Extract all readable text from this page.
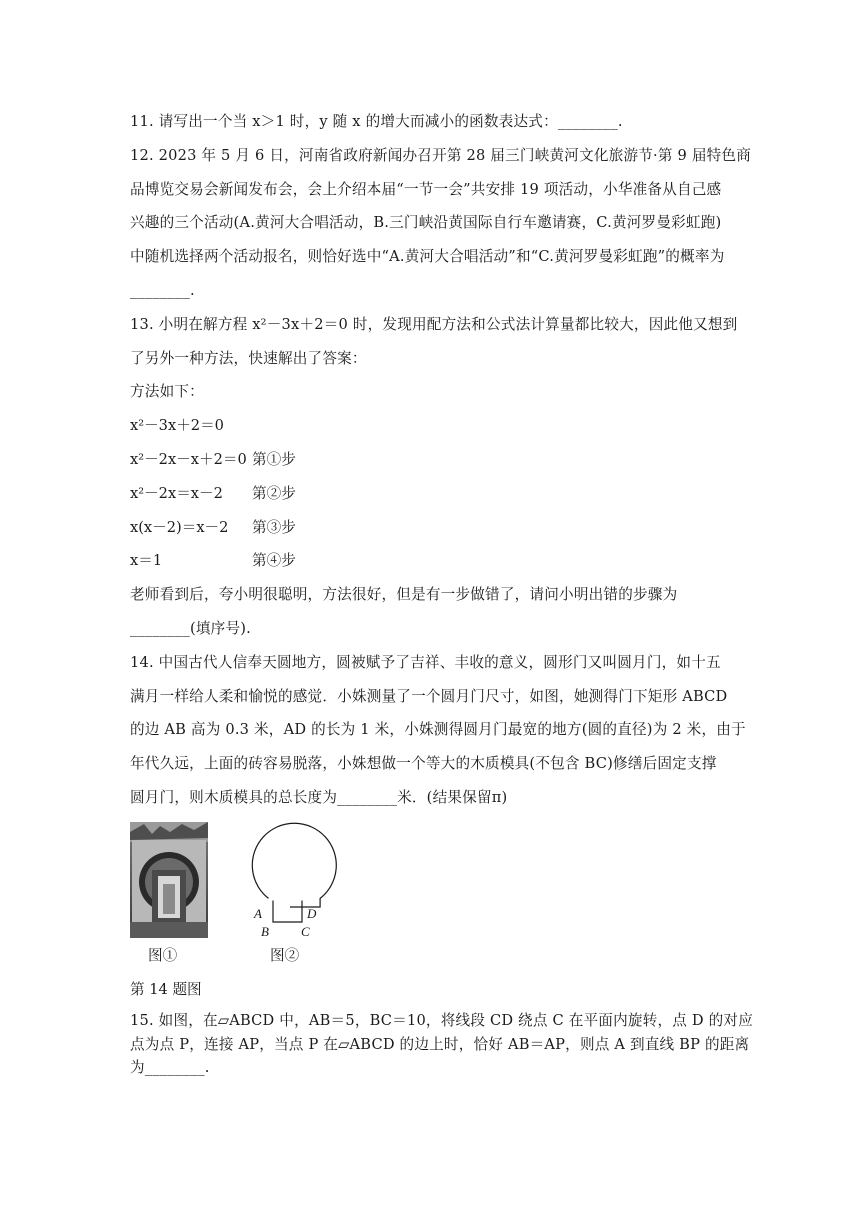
11. 请写出一个当 x＞1 时，y 随 x 的增大而减小的函数表达式：________.
12. 2023 年 5 月 6 日，河南省政府新闻办召开第 28 届三门峡黄河文化旅游节·第 9 届特色商
品博览交易会新闻发布会，会上介绍本届“一节一会”共安排 19 项活动，小华准备从自己感
兴趣的三个活动(A.黄河大合唱活动，B.三门峡沿黄国际自行车邀请赛，C.黄河罗曼彩虹跑)
中随机选择两个活动报名，则恰好选中“A.黄河大合唱活动”和“C.黄河罗曼彩虹跑”的概率为
________.
13. 小明在解方程 x²－3x＋2＝0 时，发现用配方法和公式法计算量都比较大，因此他又想到
了另外一种方法，快速解出了答案：
方法如下：
x²－3x＋2＝0
x²－2x－x＋2＝0 第①步
x²－2x＝x－2 第②步
x(x－2)＝x－2 第③步
x＝1	第④步
老师看到后，夸小明很聪明，方法很好，但是有一步做错了，请问小明出错的步骤为
________(填序号).
14. 中国古代人信奉天圆地方，圆被赋予了吉祥、丰收的意义，圆形门又叫圆月门，如十五
满月一样给人柔和愉悦的感觉．小姝测量了一个圆月门尺寸，如图，她测得门下矩形 ABCD
的边 AB 高为 0.3 米，AD 的长为 1 米，小姝测得圆月门最宽的地方(圆的直径)为 2 米，由于
年代久远，上面的砖容易脱落，小姝想做一个等大的木质模具(不包含 BC)修缮后固定支撑
圆月门，则木质模具的总长度为________米．(结果保留π)
图①
A	D
B C
图②
第 14 题图
15. 如图，在▱ABCD 中，AB＝5，BC＝10，将线段 CD 绕点 C 在平面内旋转，点 D 的对应
点为点 P，连接 AP，当点 P 在▱ABCD 的边上时，恰好 AB＝AP，则点 A 到直线 BP 的距离
为________.
